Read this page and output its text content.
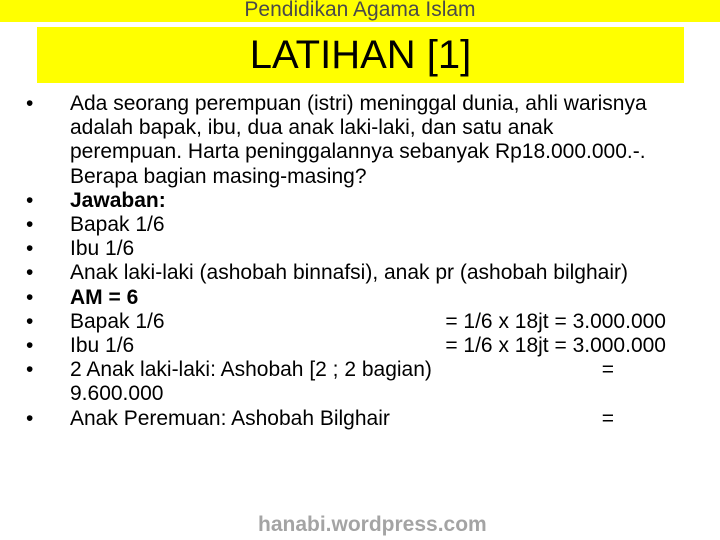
Pendidikan Agama Islam
LATIHAN [1]
•	Ada seorang perempuan (istri) meninggal dunia, ahli warisnya adalah bapak, ibu, dua anak laki-laki, dan satu anak perempuan. Harta peninggalannya sebanyak Rp18.000.000.-. Berapa bagian masing-masing?
•	Jawaban:
•	Bapak 1/6
•	Ibu 1/6
•	Anak laki-laki (ashobah binnafsi), anak pr (ashobah bilghair)
•	AM = 6
•	Bapak 1/6	= 1/6 x 18jt = 3.000.000
•	Ibu 1/6	= 1/6 x 18jt = 3.000.000
•	2 Anak laki-laki: Ashobah [2 ; 2 bagian)	=
9.600.000
•	Anak Peremuan: Ashobah Bilghair	=
hanabi.wordpress.com
